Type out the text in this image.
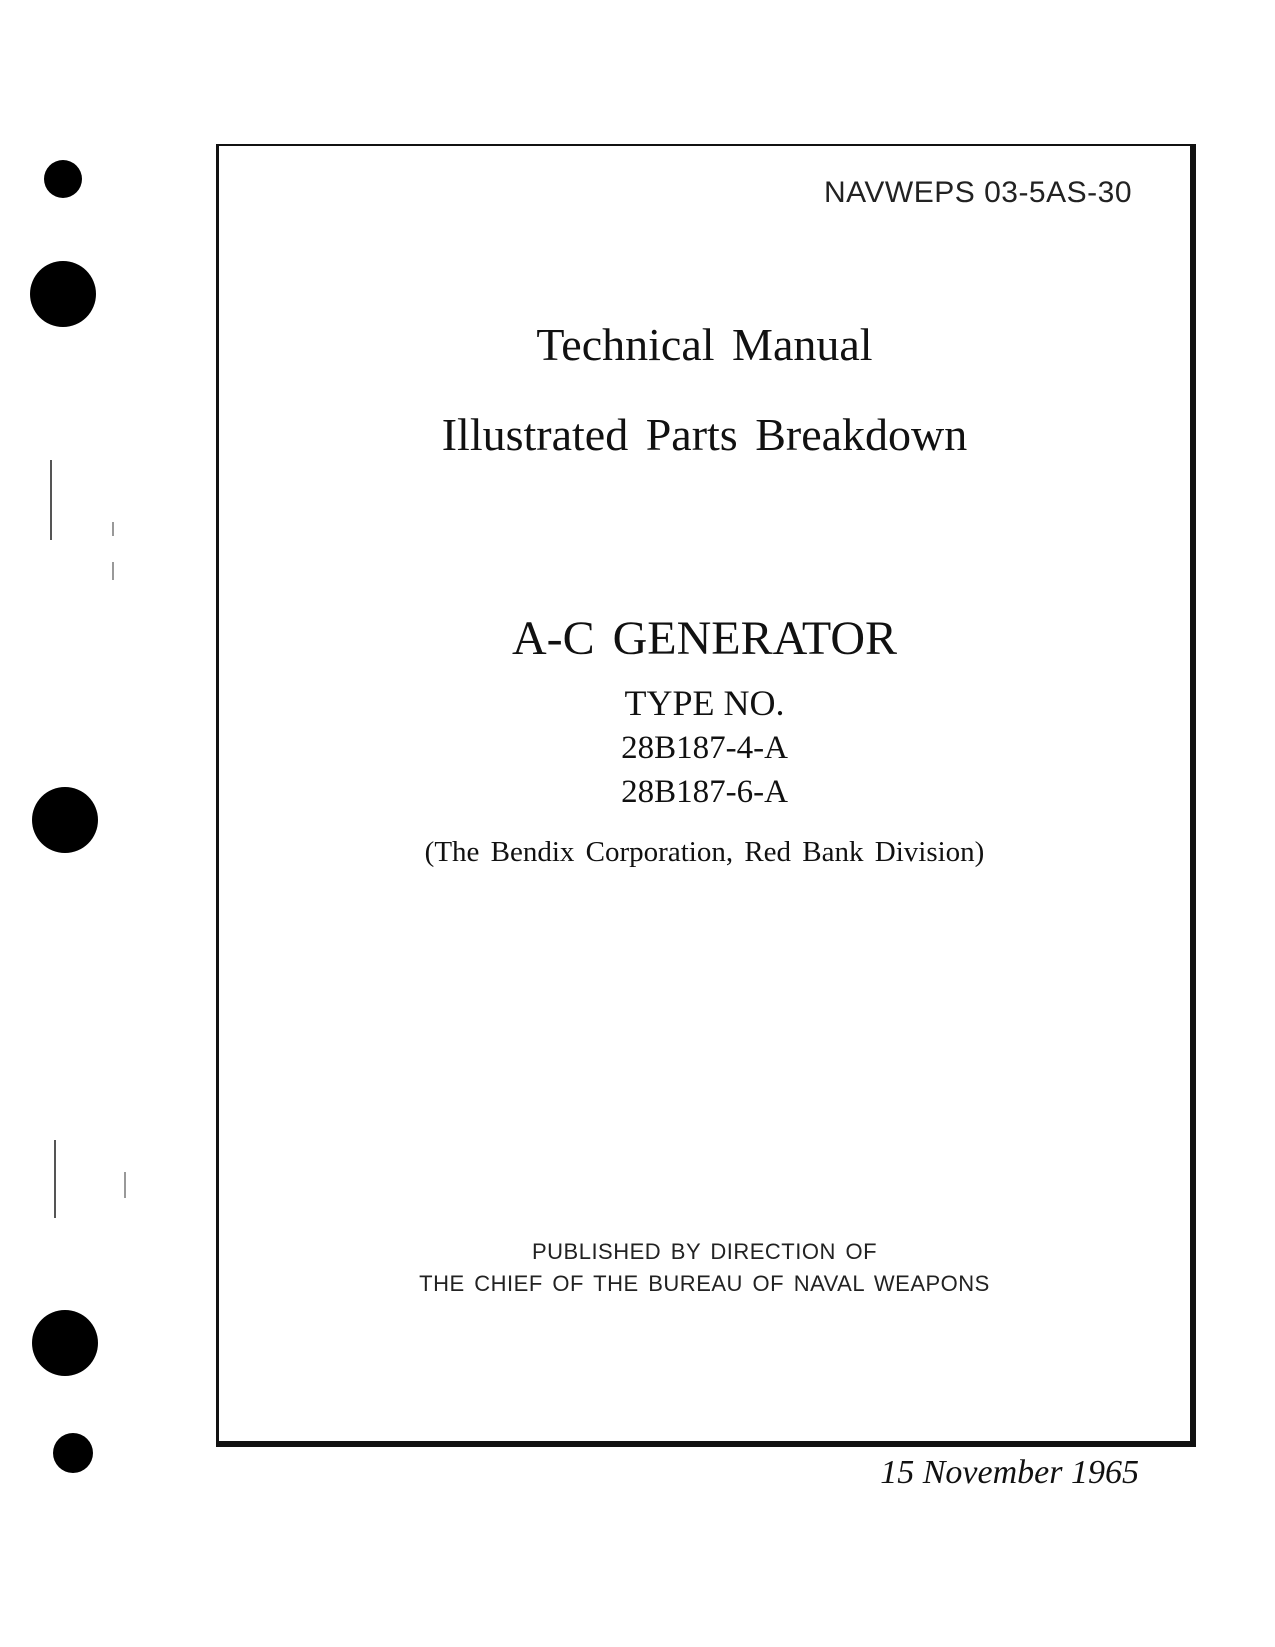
NAVWEPS 03-5AS-30
Technical Manual
Illustrated Parts Breakdown
A-C GENERATOR
TYPE NO.
28B187-4-A
28B187-6-A
(The Bendix Corporation, Red Bank Division)
PUBLISHED BY DIRECTION OF
THE CHIEF OF THE BUREAU OF NAVAL WEAPONS
15 November 1965
